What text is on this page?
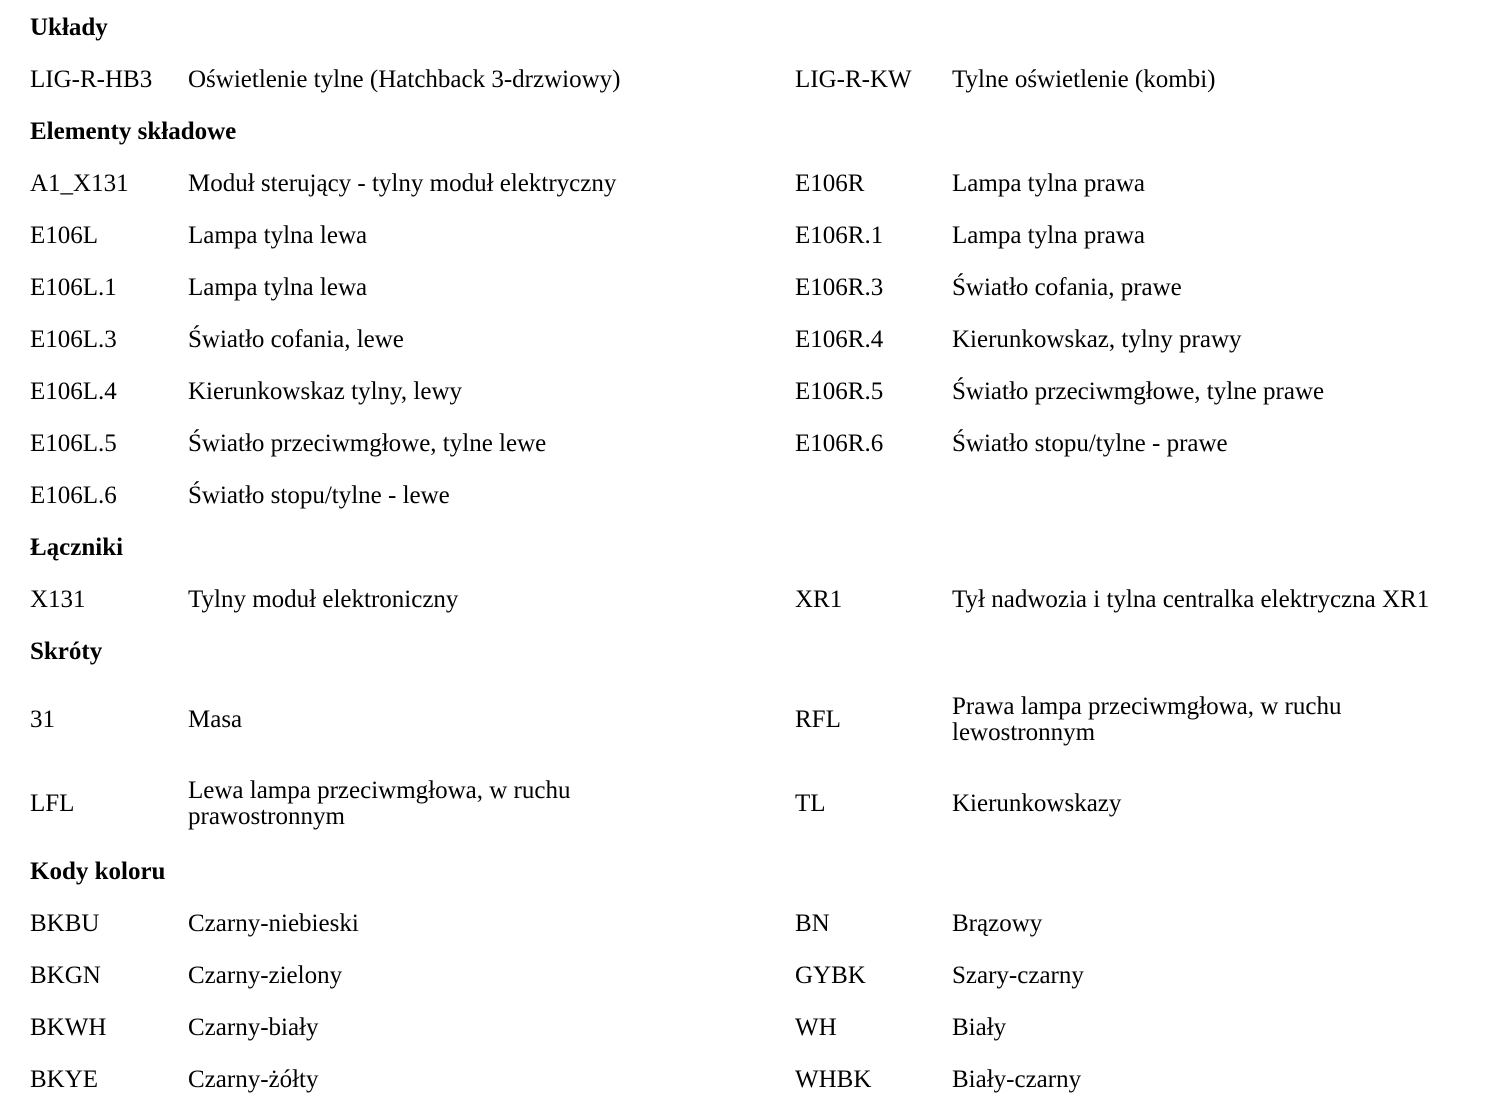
Układy
LIG-R-HB3	Oświetlenie tylne (Hatchback 3-drzwiowy)	LIG-R-KW	Tylne oświetlenie (kombi)
Elementy składowe
A1_X131	Moduł sterujący - tylny moduł elektryczny	E106R	Lampa tylna prawa
E106L	Lampa tylna lewa	E106R.1	Lampa tylna prawa
E106L.1	Lampa tylna lewa	E106R.3	Światło cofania, prawe
E106L.3	Światło cofania, lewe	E106R.4	Kierunkowskaz, tylny prawy
E106L.4	Kierunkowskaz tylny, lewy	E106R.5	Światło przeciwmgłowe, tylne prawe
E106L.5	Światło przeciwmgłowe, tylne lewe	E106R.6	Światło stopu/tylne - prawe
E106L.6	Światło stopu/tylne - lewe
Łączniki
X131	Tylny moduł elektroniczny	XR1	Tył nadwozia i tylna centralka elektryczna XR1
Skróty
31	Masa	RFL	Prawa lampa przeciwmgłowa, w ruchu lewostronnym
LFL	Lewa lampa przeciwmgłowa, w ruchu prawostronnym	TL	Kierunkowskazy
Kody koloru
BKBU	Czarny-niebieski	BN	Brązowy
BKGN	Czarny-zielony	GYBK	Szary-czarny
BKWH	Czarny-biały	WH	Biały
BKYE	Czarny-żółty	WHBK	Biały-czarny
